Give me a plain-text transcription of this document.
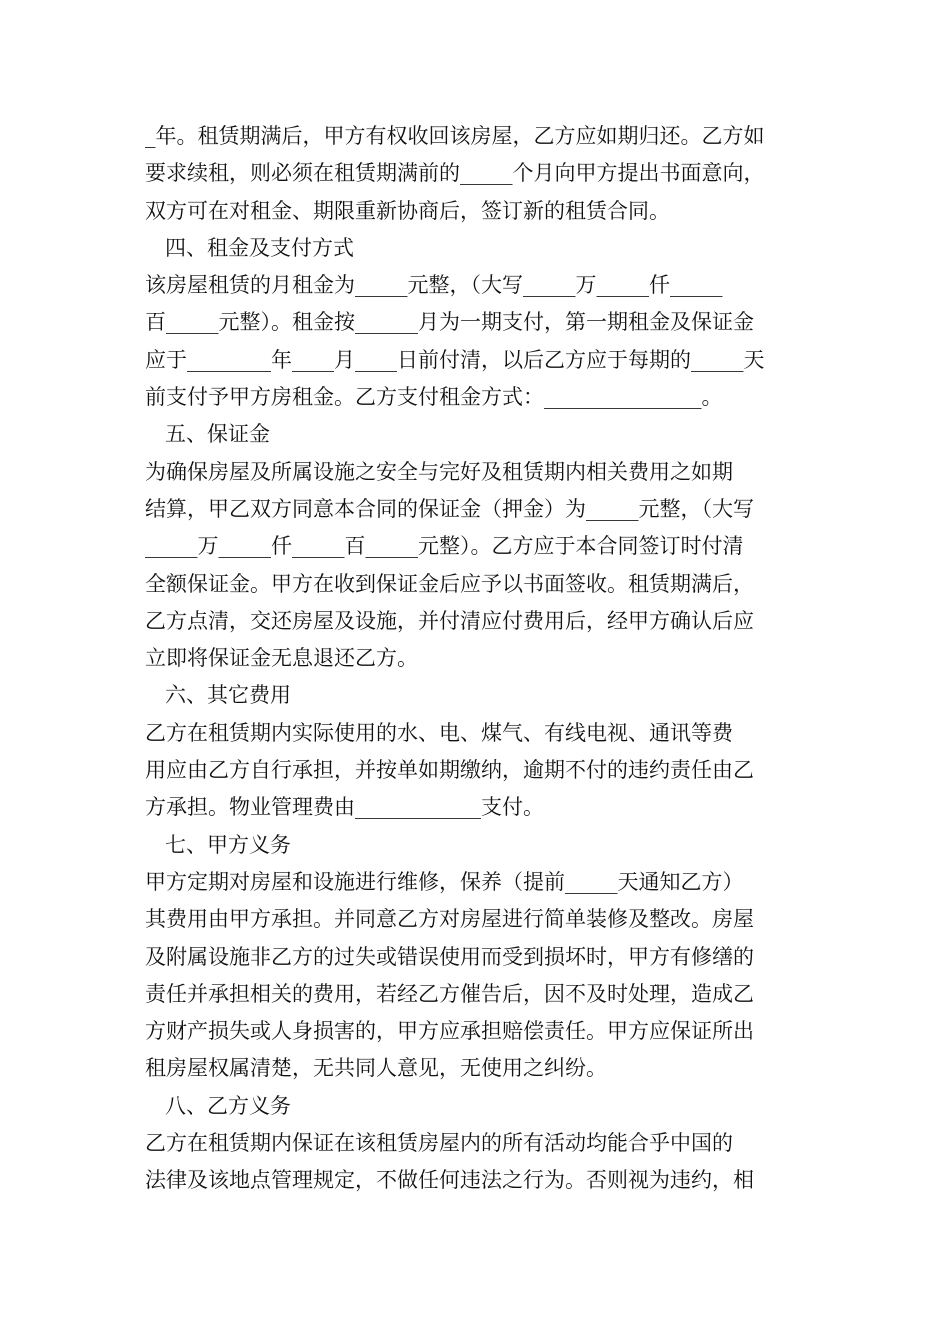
_年。租赁期满后，甲方有权收回该房屋，乙方应如期归还。乙方如
要求续租，则必须在租赁期满前的_____个月向甲方提出书面意向，
双方可在对租金、期限重新协商后，签订新的租赁合同。
四、租金及支付方式
该房屋租赁的月租金为_____元整，（大写_____万_____仟_____
百_____元整）。租金按______月为一期支付，第一期租金及保证金
应于________年____月____日前付清，以后乙方应于每期的_____天
前支付予甲方房租金。乙方支付租金方式：_______________。
五、保证金
为确保房屋及所属设施之安全与完好及租赁期内相关费用之如期
结算，甲乙双方同意本合同的保证金（押金）为_____元整，（大写
_____万_____仟_____百_____元整）。乙方应于本合同签订时付清
全额保证金。甲方在收到保证金后应予以书面签收。租赁期满后，
乙方点清，交还房屋及设施，并付清应付费用后，经甲方确认后应
立即将保证金无息退还乙方。
六、其它费用
乙方在租赁期内实际使用的水、电、煤气、有线电视、通讯等费
用应由乙方自行承担，并按单如期缴纳，逾期不付的违约责任由乙
方承担。物业管理费由____________支付。
七、甲方义务
甲方定期对房屋和设施进行维修，保养（提前_____天通知乙方）
其费用由甲方承担。并同意乙方对房屋进行简单装修及整改。房屋
及附属设施非乙方的过失或错误使用而受到损坏时，甲方有修缮的
责任并承担相关的费用，若经乙方催告后，因不及时处理，造成乙
方财产损失或人身损害的，甲方应承担赔偿责任。甲方应保证所出
租房屋权属清楚，无共同人意见，无使用之纠纷。
八、乙方义务
乙方在租赁期内保证在该租赁房屋内的所有活动均能合乎中国的
法律及该地点管理规定，不做任何违法之行为。否则视为违约，相
